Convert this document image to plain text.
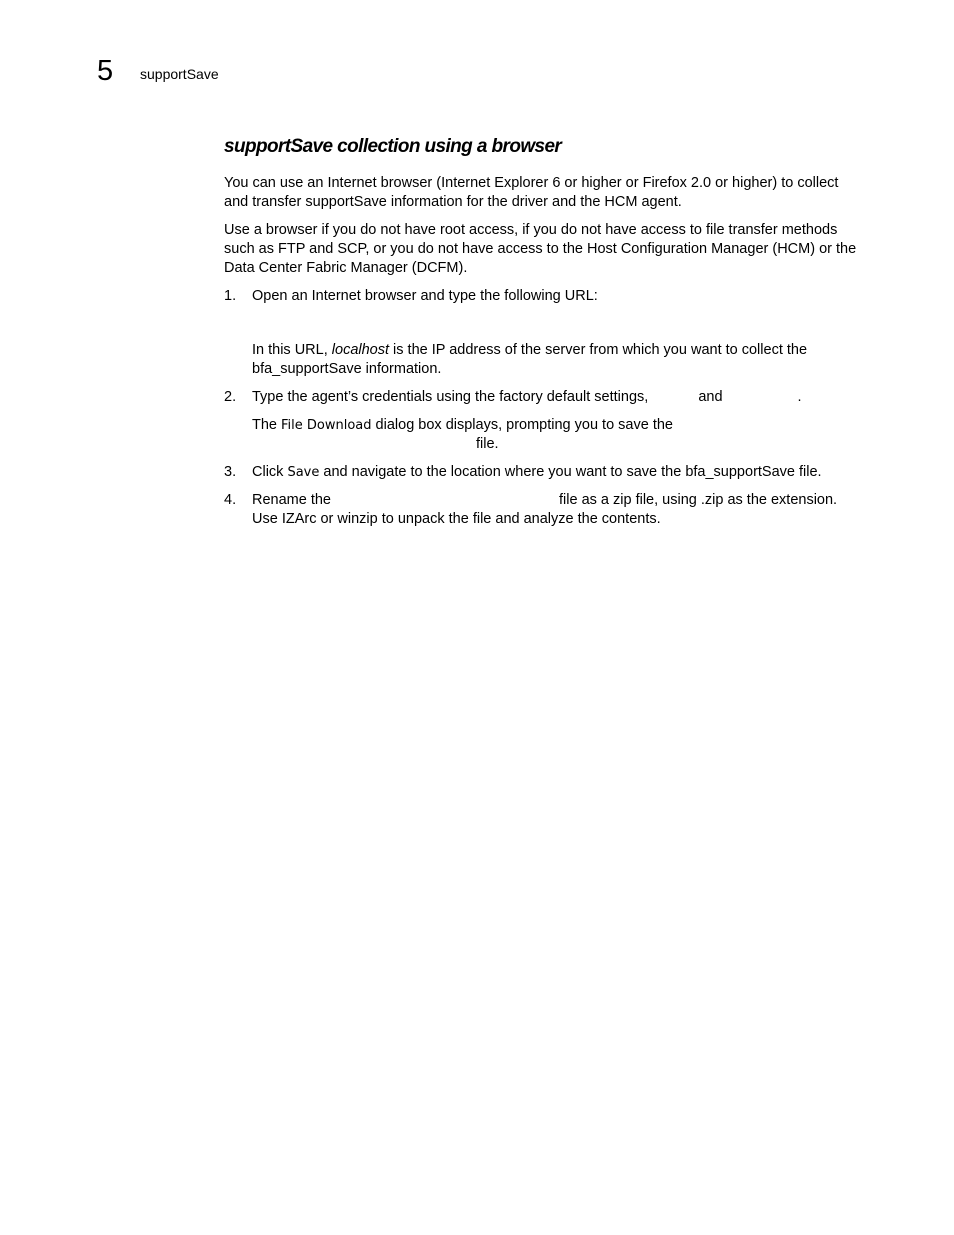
5 supportSave
supportSave collection using a browser

You can use an Internet browser (Internet Explorer 6 or higher or Firefox 2.0 or higher) to collect and transfer supportSave information for the driver and the HCM agent.

Use a browser if you do not have root access, if you do not have access to file transfer methods such as FTP and SCP, or you do not have access to the Host Configuration Manager (HCM) or the Data Center Fabric Manager (DCFM).

1. Open an Internet browser and type the following URL:
In this URL, localhost is the IP address of the server from which you want to collect the bfa_supportSave information.
2. Type the agent’s credentials using the factory default settings,	and	.
The File Download dialog box displays, prompting you to save the
file.
3. Click Save and navigate to the location where you want to save the bfa_supportSave file.
4. Rename the	file as a zip file, using .zip as the extension. Use IZArc or winzip to unpack the file and analyze the contents.
